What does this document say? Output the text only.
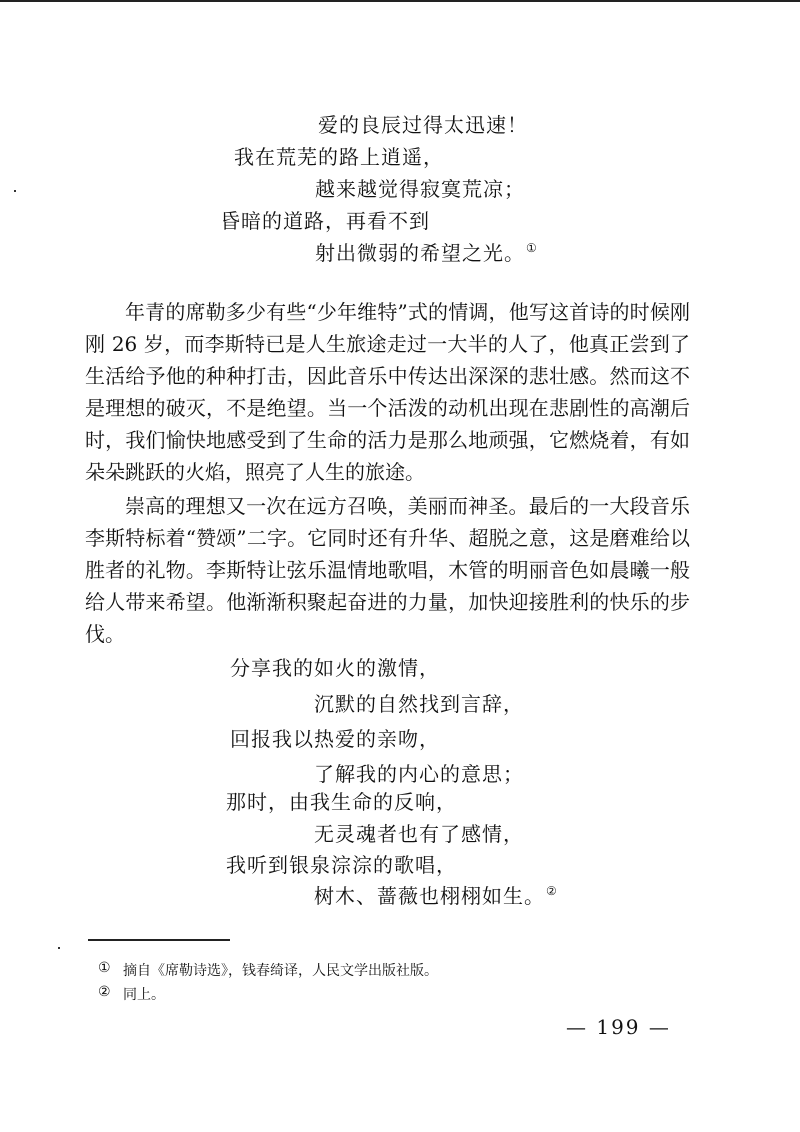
爱的良辰过得太迅速！
我在荒芜的路上逍遥，
越来越觉得寂寞荒凉；
昏暗的道路，再看不到
射出微弱的希望之光。①

年青的席勒多少有些“少年维特”式的情调，他写这首诗的时候刚刚 26 岁，而李斯特已是人生旅途走过一大半的人了，他真正尝到了生活给予他的种种打击，因此音乐中传达出深深的悲壮感。然而这不是理想的破灭，不是绝望。当一个活泼的动机出现在悲剧性的高潮后时，我们愉快地感受到了生命的活力是那么地顽强，它燃烧着，有如朵朵跳跃的火焰，照亮了人生的旅途。

崇高的理想又一次在远方召唤，美丽而神圣。最后的一大段音乐李斯特标着“赞颂”二字。它同时还有升华、超脱之意，这是磨难给以胜者的礼物。李斯特让弦乐温情地歌唱，木管的明丽音色如晨曦一般给人带来希望。他渐渐积聚起奋进的力量，加快迎接胜利的快乐的步伐。

分享我的如火的激情，
沉默的自然找到言辞，
回报我以热爱的亲吻，
了解我的内心的意思；
那时，由我生命的反响，
无灵魂者也有了感情，
我听到银泉淙淙的歌唱，
树木、蔷薇也栩栩如生。②
① 摘自《席勒诗选》，钱春绮译，人民文学出版社版。
② 同上。
— 199 —
